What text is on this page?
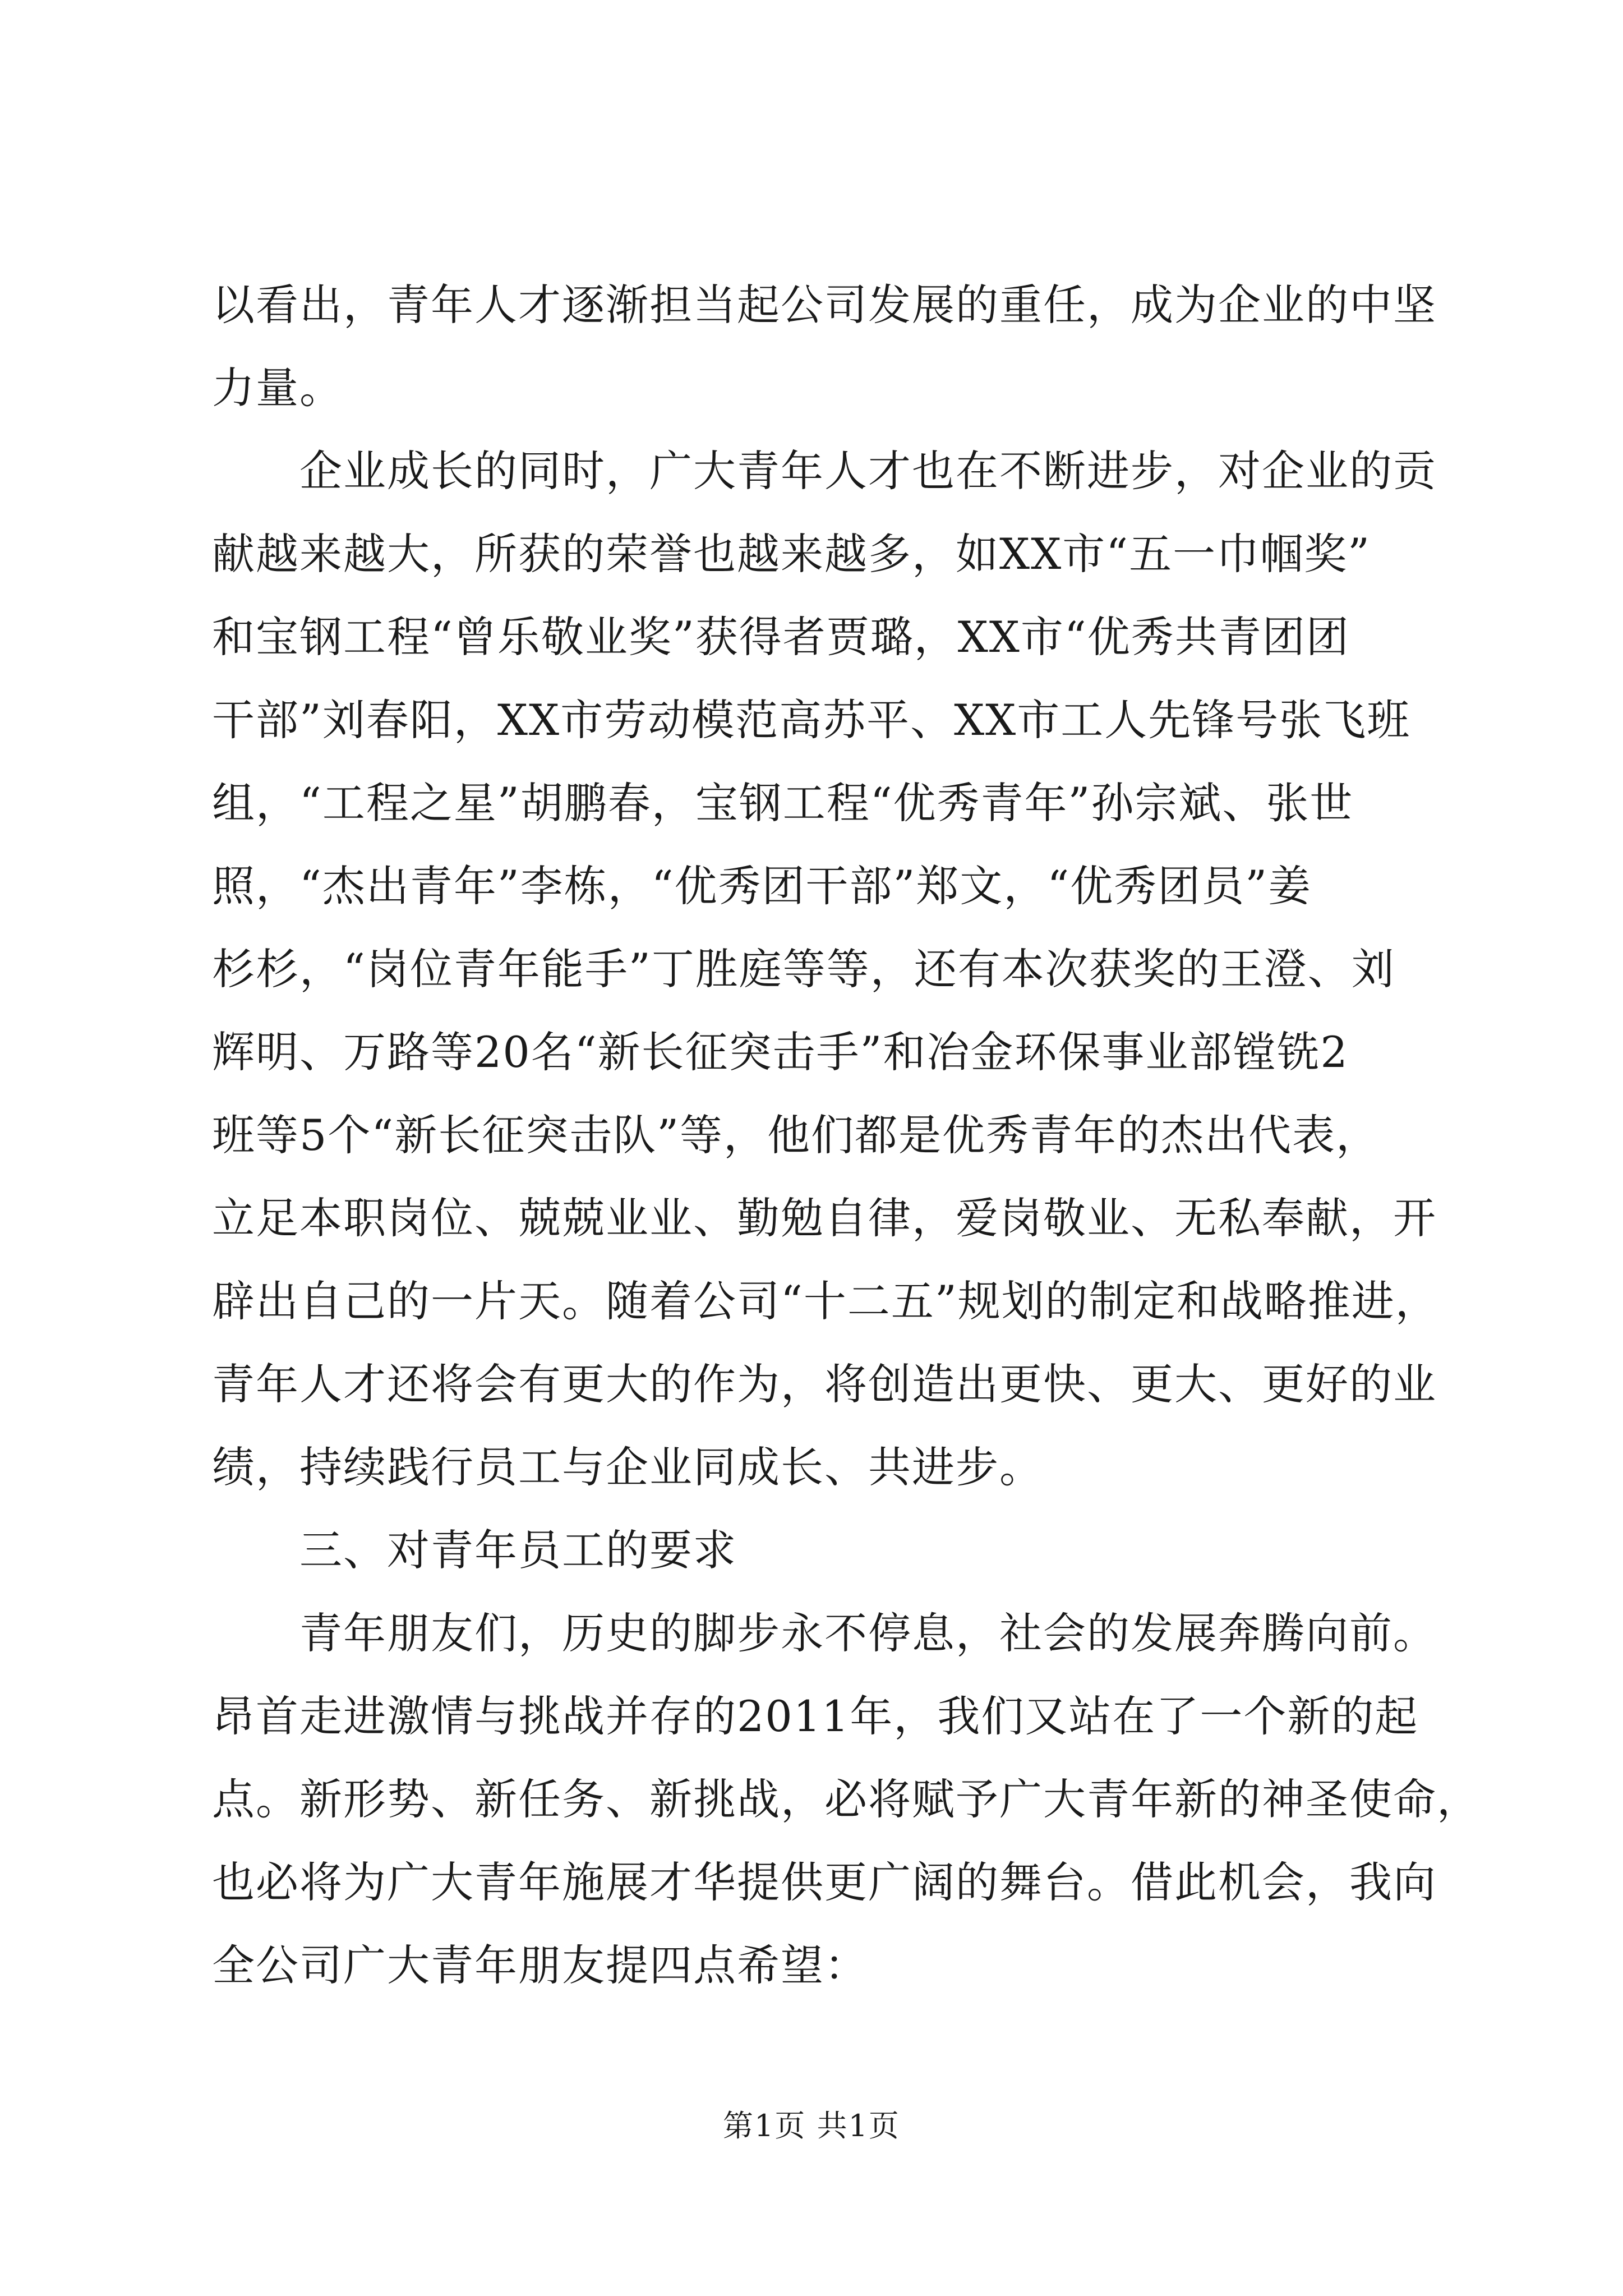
以看出，青年人才逐渐担当起公司发展的重任，成为企业的中坚
力量。
企业成长的同时，广大青年人才也在不断进步，对企业的贡
献越来越大，所获的荣誉也越来越多，如XX市“五一巾帼奖”
和宝钢工程“曾乐敬业奖”获得者贾璐，XX市“优秀共青团团
干部”刘春阳，XX市劳动模范高苏平、XX市工人先锋号张飞班
组，“工程之星”胡鹏春，宝钢工程“优秀青年”孙宗斌、张世
照，“杰出青年”李栋，“优秀团干部”郑文，“优秀团员”姜
杉杉，“岗位青年能手”丁胜庭等等，还有本次获奖的王澄、刘
辉明、万路等20名“新长征突击手”和冶金环保事业部镗铣2
班等5个“新长征突击队”等，他们都是优秀青年的杰出代表，
立足本职岗位、兢兢业业、勤勉自律，爱岗敬业、无私奉献，开
辟出自己的一片天。随着公司“十二五”规划的制定和战略推进，
青年人才还将会有更大的作为，将创造出更快、更大、更好的业
绩，持续践行员工与企业同成长、共进步。
三、对青年员工的要求
青年朋友们，历史的脚步永不停息，社会的发展奔腾向前。
昂首走进激情与挑战并存的2011年，我们又站在了一个新的起
点。新形势、新任务、新挑战，必将赋予广大青年新的神圣使命，
也必将为广大青年施展才华提供更广阔的舞台。借此机会，我向
全公司广大青年朋友提四点希望：
第1页 共1页
